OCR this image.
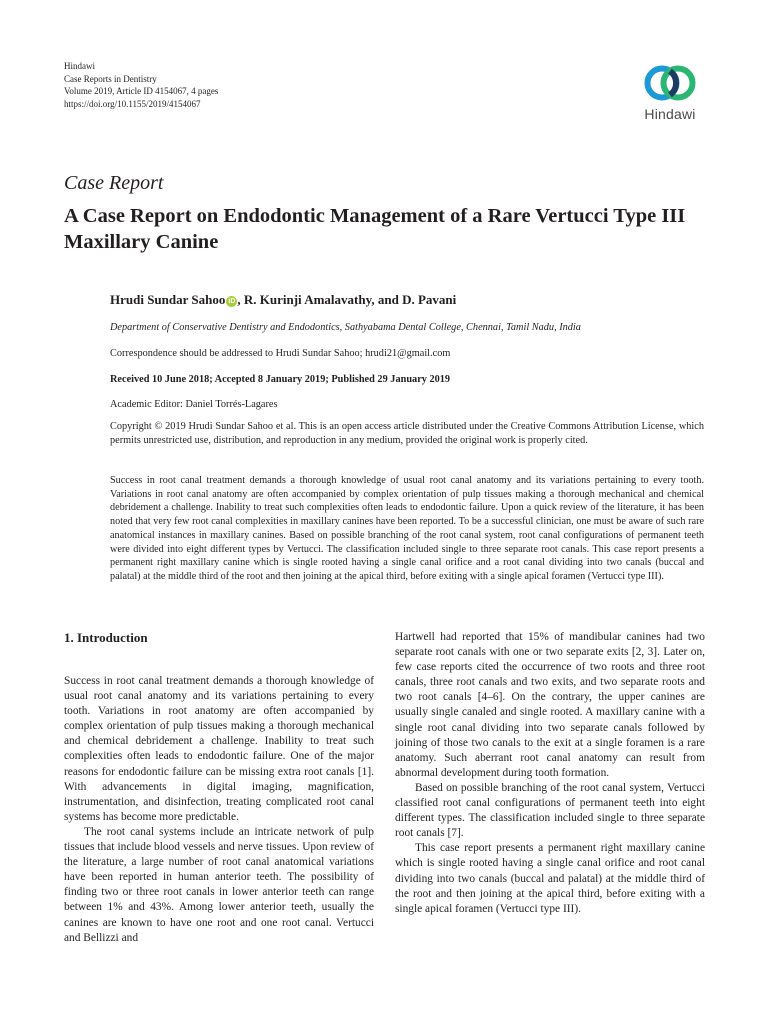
Hindawi
Case Reports in Dentistry
Volume 2019, Article ID 4154067, 4 pages
https://doi.org/10.1155/2019/4154067
Hindawi
Case Report
A Case Report on Endodontic Management of a Rare Vertucci Type III Maxillary Canine
Hrudi Sundar Sahoo iD , R. Kurinji Amalavathy, and D. Pavani
Department of Conservative Dentistry and Endodontics, Sathyabama Dental College, Chennai, Tamil Nadu, India
Correspondence should be addressed to Hrudi Sundar Sahoo; hrudi21@gmail.com
Received 10 June 2018; Accepted 8 January 2019; Published 29 January 2019
Academic Editor: Daniel Torrés-Lagares
Copyright © 2019 Hrudi Sundar Sahoo et al. This is an open access article distributed under the Creative Commons Attribution License, which permits unrestricted use, distribution, and reproduction in any medium, provided the original work is properly cited.

Success in root canal treatment demands a thorough knowledge of usual root canal anatomy and its variations pertaining to every tooth. Variations in root canal anatomy are often accompanied by complex orientation of pulp tissues making a thorough mechanical and chemical debridement a challenge. Inability to treat such complexities often leads to endodontic failure. Upon a quick review of the literature, it has been noted that very few root canal complexities in maxillary canines have been reported. To be a successful clinician, one must be aware of such rare anatomical instances in maxillary canines. Based on possible branching of the root canal system, root canal configurations of permanent teeth were divided into eight different types by Vertucci. The classification included single to three separate root canals. This case report presents a permanent right maxillary canine which is single rooted having a single canal orifice and a root canal dividing into two canals (buccal and palatal) at the middle third of the root and then joining at the apical third, before exiting with a single apical foramen (Vertucci type III).

1. Introduction

Success in root canal treatment demands a thorough knowledge of usual root canal anatomy and its variations pertaining to every tooth. Variations in root anatomy are often accompanied by complex orientation of pulp tissues making a thorough mechanical and chemical debridement a challenge. Inability to treat such complexities often leads to endodontic failure. One of the major reasons for endodontic failure can be missing extra root canals [1]. With advancements in digital imaging, magnification, instrumentation, and disinfection, treating complicated root canal systems has become more predictable.

The root canal systems include an intricate network of pulp tissues that include blood vessels and nerve tissues. Upon review of the literature, a large number of root canal anatomical variations have been reported in human anterior teeth. The possibility of finding two or three root canals in lower anterior teeth can range between 1% and 43%. Among lower anterior teeth, usually the canines are known to have one root and one root canal. Vertucci and Bellizzi and

Hartwell had reported that 15% of mandibular canines had two separate root canals with one or two separate exits [2, 3]. Later on, few case reports cited the occurrence of two roots and three root canals, three root canals and two exits, and two separate roots and two root canals [4–6]. On the contrary, the upper canines are usually single canaled and single rooted. A maxillary canine with a single root canal dividing into two separate canals followed by joining of those two canals to the exit at a single foramen is a rare anatomy. Such aberrant root canal anatomy can result from abnormal development during tooth formation.

Based on possible branching of the root canal system, Vertucci classified root canal configurations of permanent teeth into eight different types. The classification included single to three separate root canals [7].

This case report presents a permanent right maxillary canine which is single rooted having a single canal orifice and root canal dividing into two canals (buccal and palatal) at the middle third of the root and then joining at the apical third, before exiting with a single apical foramen (Vertucci type III).
